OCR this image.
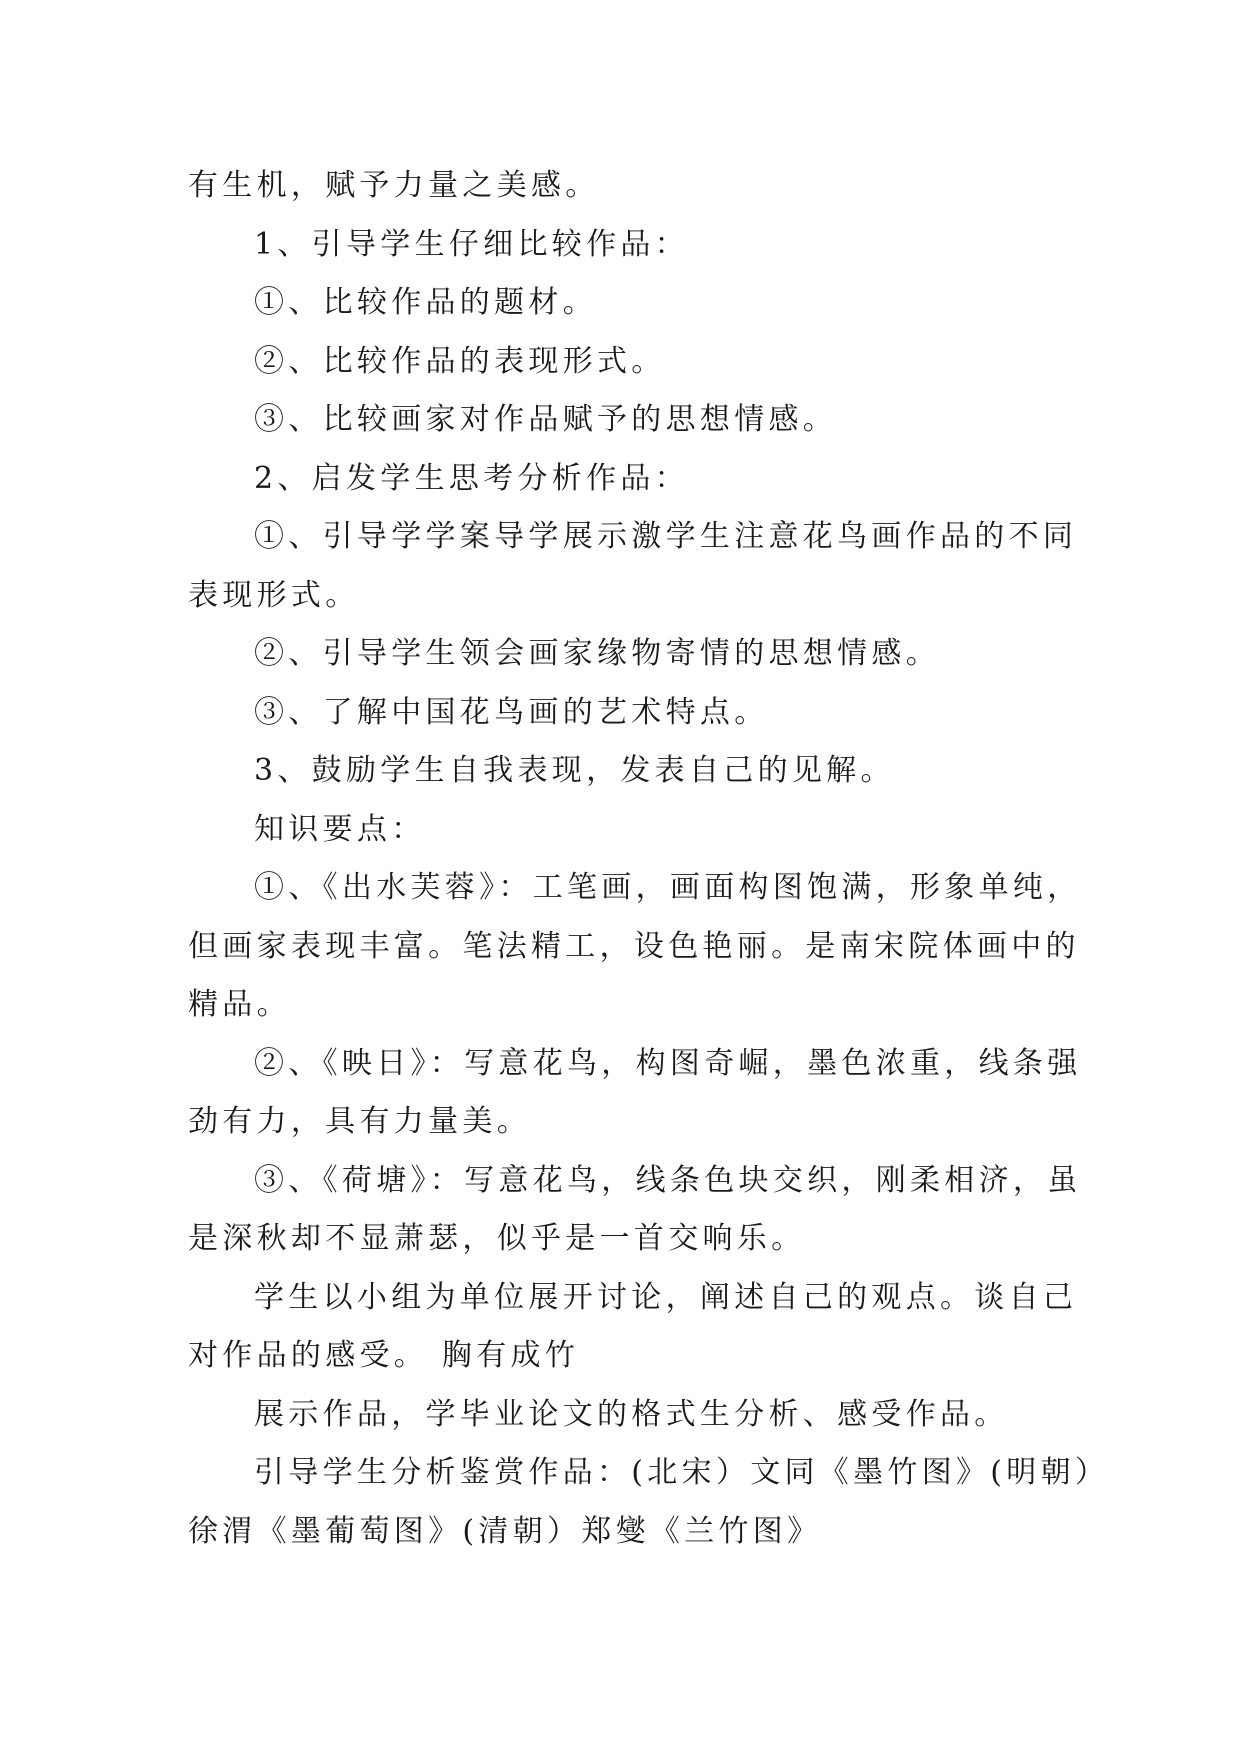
有生机，赋予力量之美感。

1、引导学生仔细比较作品：

①、比较作品的题材。

②、比较作品的表现形式。

③、比较画家对作品赋予的思想情感。

2、启发学生思考分析作品：

①、引导学学案导学展示激学生注意花鸟画作品的不同

表现形式。

②、引导学生领会画家缘物寄情的思想情感。

③、了解中国花鸟画的艺术特点。

3、鼓励学生自我表现，发表自己的见解。

知识要点：

①、《出水芙蓉》：工笔画，画面构图饱满，形象单纯，

但画家表现丰富。笔法精工，设色艳丽。是南宋院体画中的

精品。

②、《映日》：写意花鸟，构图奇崛，墨色浓重，线条强

劲有力，具有力量美。

③、《荷塘》：写意花鸟，线条色块交织，刚柔相济，虽

是深秋却不显萧瑟，似乎是一首交响乐。

学生以小组为单位展开讨论，阐述自己的观点。谈自己

对作品的感受。 胸有成竹

展示作品，学毕业论文的格式生分析、感受作品。

引导学生分析鉴赏作品：(北宋）文同《墨竹图》(明朝）

徐渭《墨葡萄图》(清朝）郑燮《兰竹图》
